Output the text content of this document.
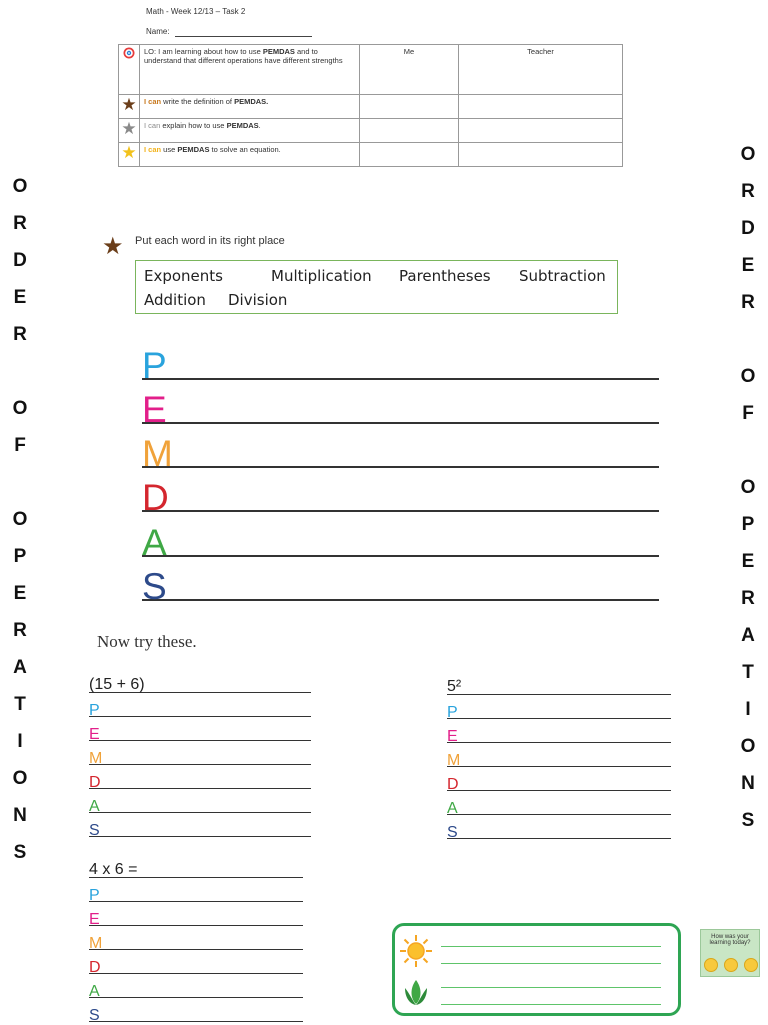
Math - Week 12/13 – Task 2
Name:
	LO: I am learning about how to use PEMDAS and to understand that different operations have different strengths	Me	Teacher
★	I can write the definition of PEMDAS.		
★	I can explain how to use PEMDAS.		
★	I can use PEMDAS to solve an equation.		
O
R
D
E
R
O
F
O
P
E
R
A
T
I
O
N
S
O
R
D
E
R
O
F
O
P
E
R
A
T
I
O
N
S
★ Put each word in its right place
Exponents	Multiplication Parentheses Subtraction
Addition Division
P
E
M
D
A
S
Now try these.
(15 + 6)
P
E
M
D
A
S
5²
P
E
M
D
A
S
4 x 6 =
P
E
M
D
A
S
How was your learning today?
